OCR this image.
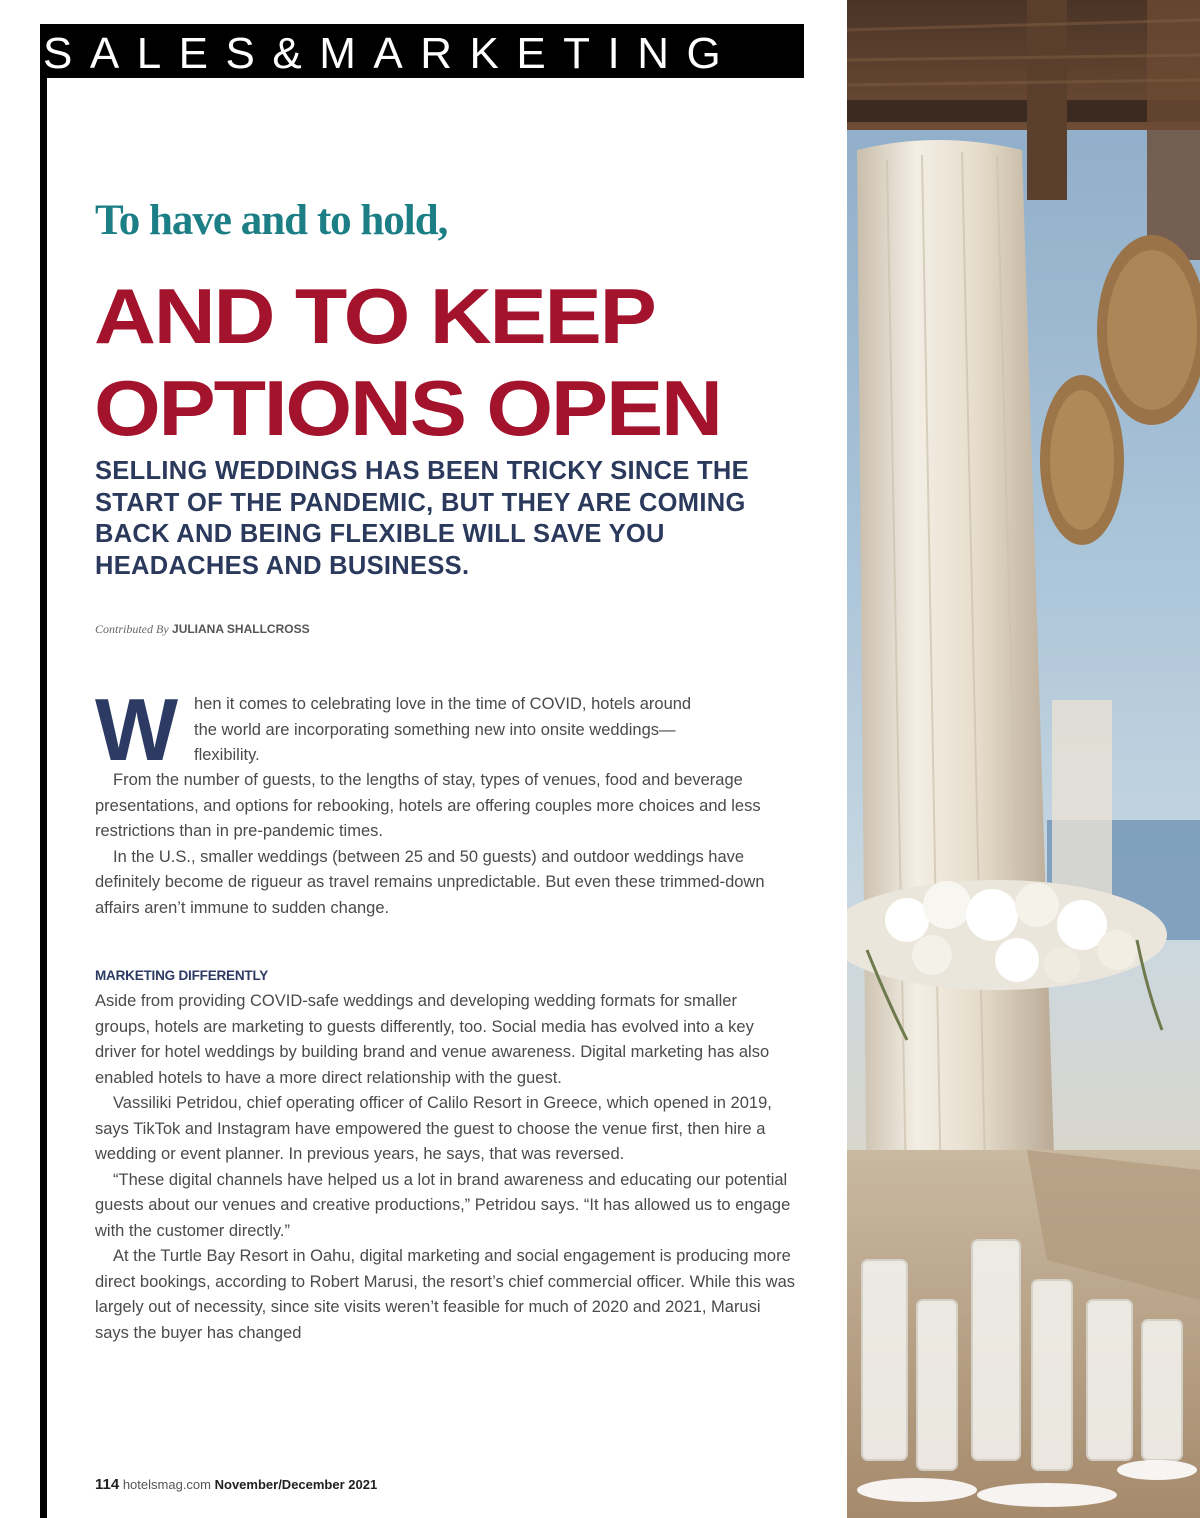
SALES&MARKETING
To have and to hold,
AND TO KEEP
OPTIONS OPEN

SELLING WEDDINGS HAS BEEN TRICKY SINCE THE START OF THE PANDEMIC, BUT THEY ARE COMING BACK AND BEING FLEXIBLE WILL SAVE YOU HEADACHES AND BUSINESS.

Contributed By JULIANA SHALLCROSS
W hen it comes to celebrating love in the time of COVID, hotels around
the world are incorporating something new into onsite weddings—
flexibility.

From the number of guests, to the lengths of stay, types of venues, food and beverage presentations, and options for rebooking, hotels are offering couples more choices and less restrictions than in pre-pandemic times.

In the U.S., smaller weddings (between 25 and 50 guests) and outdoor weddings have definitely become de rigueur as travel remains unpredictable. But even these trimmed-down affairs aren’t immune to sudden change.

MARKETING DIFFERENTLY

Aside from providing COVID-safe weddings and developing wedding formats for smaller groups, hotels are marketing to guests differently, too. Social media has evolved into a key driver for hotel weddings by building brand and venue awareness. Digital marketing has also enabled hotels to have a more direct relationship with the guest.

Vassiliki Petridou, chief operating officer of Calilo Resort in Greece, which opened in 2019, says TikTok and Instagram have empowered the guest to choose the venue first, then hire a wedding or event planner. In previous years, he says, that was reversed.

“These digital channels have helped us a lot in brand awareness and educating our potential guests about our venues and creative productions,” Petridou says. “It has allowed us to engage with the customer directly.”

At the Turtle Bay Resort in Oahu, digital marketing and social engagement is producing more direct bookings, according to Robert Marusi, the resort’s chief commercial officer. While this was largely out of necessity, since site visits weren’t feasible for much of 2020 and 2021, Marusi says the buyer has changed

114 hotelsmag.com November/December 2021
